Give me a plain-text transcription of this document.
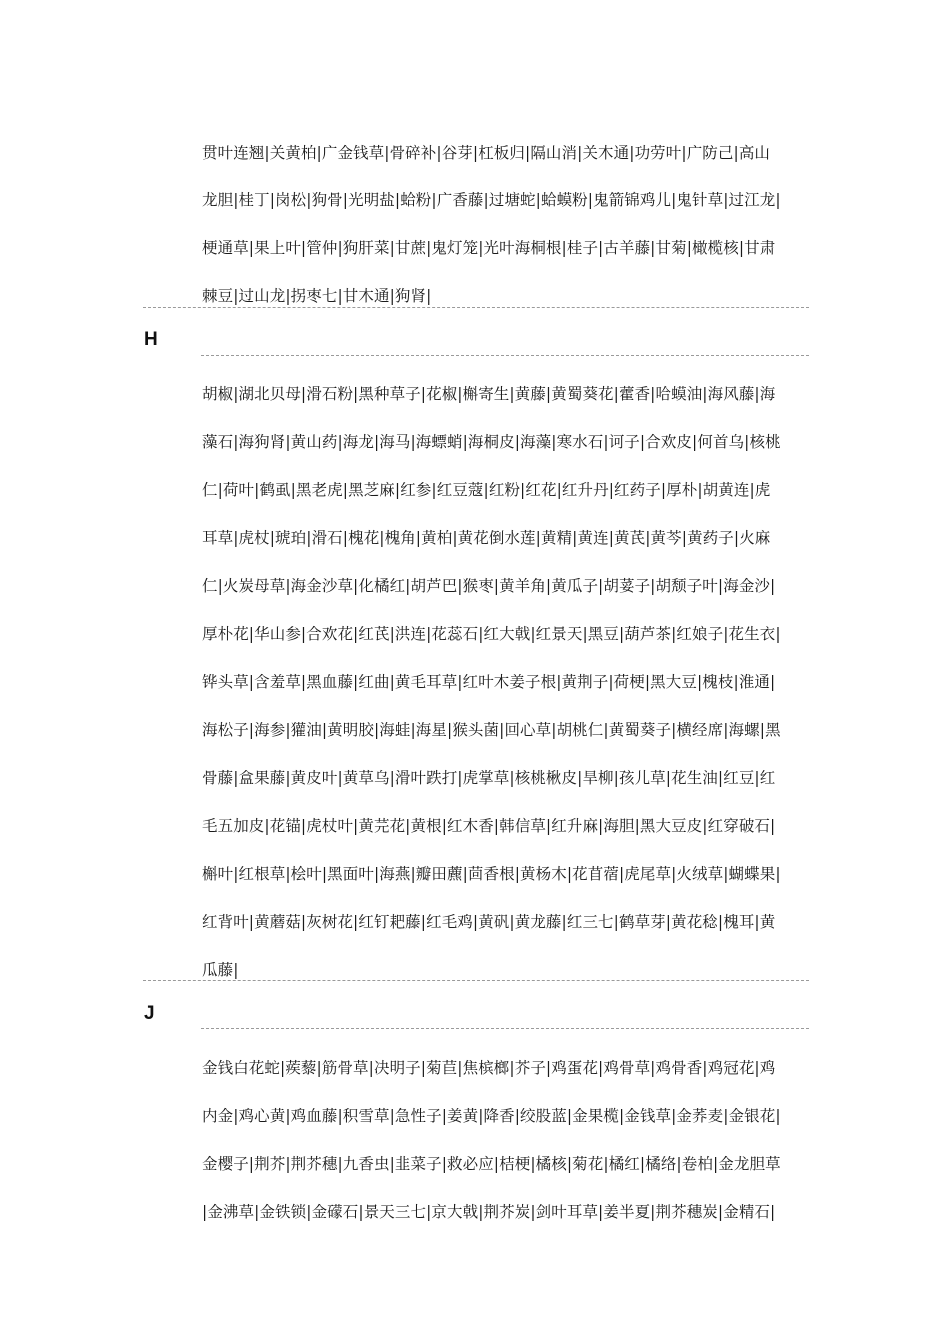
贯叶连翘|关黄柏|广金钱草|骨碎补|谷芽|杠板归|隔山消|关木通|功劳叶|广防己|高山
龙胆|桂丁|岗松|狗骨|光明盐|蛤粉|广香藤|过塘蛇|蛤蟆粉|鬼箭锦鸡儿|鬼针草|过江龙|
梗通草|果上叶|管仲|狗肝菜|甘蔗|鬼灯笼|光叶海桐根|桂子|古羊藤|甘菊|橄榄核|甘肃
棘豆|过山龙|拐枣七|甘木通|狗肾|
H
胡椒|湖北贝母|滑石粉|黑种草子|花椒|槲寄生|黄藤|黄蜀葵花|藿香|哈蟆油|海风藤|海
藻石|海狗肾|黄山药|海龙|海马|海螵蛸|海桐皮|海藻|寒水石|诃子|合欢皮|何首乌|核桃
仁|荷叶|鹤虱|黑老虎|黑芝麻|红参|红豆蔻|红粉|红花|红升丹|红药子|厚朴|胡黄连|虎
耳草|虎杖|琥珀|滑石|槐花|槐角|黄柏|黄花倒水莲|黄精|黄连|黄芪|黄芩|黄药子|火麻
仁|火炭母草|海金沙草|化橘红|胡芦巴|猴枣|黄羊角|黄瓜子|胡荽子|胡颓子叶|海金沙|
厚朴花|华山参|合欢花|红芪|洪连|花蕊石|红大戟|红景天|黑豆|葫芦茶|红娘子|花生衣|
铧头草|含羞草|黑血藤|红曲|黄毛耳草|红叶木姜子根|黄荆子|荷梗|黑大豆|槐枝|淮通|
海松子|海参|獾油|黄明胶|海蛙|海星|猴头菌|回心草|胡桃仁|黄蜀葵子|横经席|海螺|黑
骨藤|盒果藤|黄皮叶|黄草乌|滑叶跌打|虎掌草|核桃楸皮|旱柳|孩儿草|花生油|红豆|红
毛五加皮|花锚|虎杖叶|黄芫花|黄根|红木香|韩信草|红升麻|海胆|黑大豆皮|红穿破石|
槲叶|红根草|桧叶|黑面叶|海燕|瓣田藨|茴香根|黄杨木|花苜蓿|虎尾草|火绒草|蝴蝶果|
红背叶|黄蘑菇|灰树花|红钉耙藤|红毛鸡|黄矾|黄龙藤|红三七|鹤草芽|黄花稔|槐耳|黄
瓜藤|
J
金钱白花蛇|蒺藜|筋骨草|决明子|菊苣|焦槟榔|芥子|鸡蛋花|鸡骨草|鸡骨香|鸡冠花|鸡
内金|鸡心黄|鸡血藤|积雪草|急性子|姜黄|降香|绞股蓝|金果榄|金钱草|金荞麦|金银花|
金樱子|荆芥|荆芥穗|九香虫|韭菜子|救必应|桔梗|橘核|菊花|橘红|橘络|卷柏|金龙胆草
|金沸草|金铁锁|金礞石|景天三七|京大戟|荆芥炭|剑叶耳草|姜半夏|荆芥穗炭|金精石|
